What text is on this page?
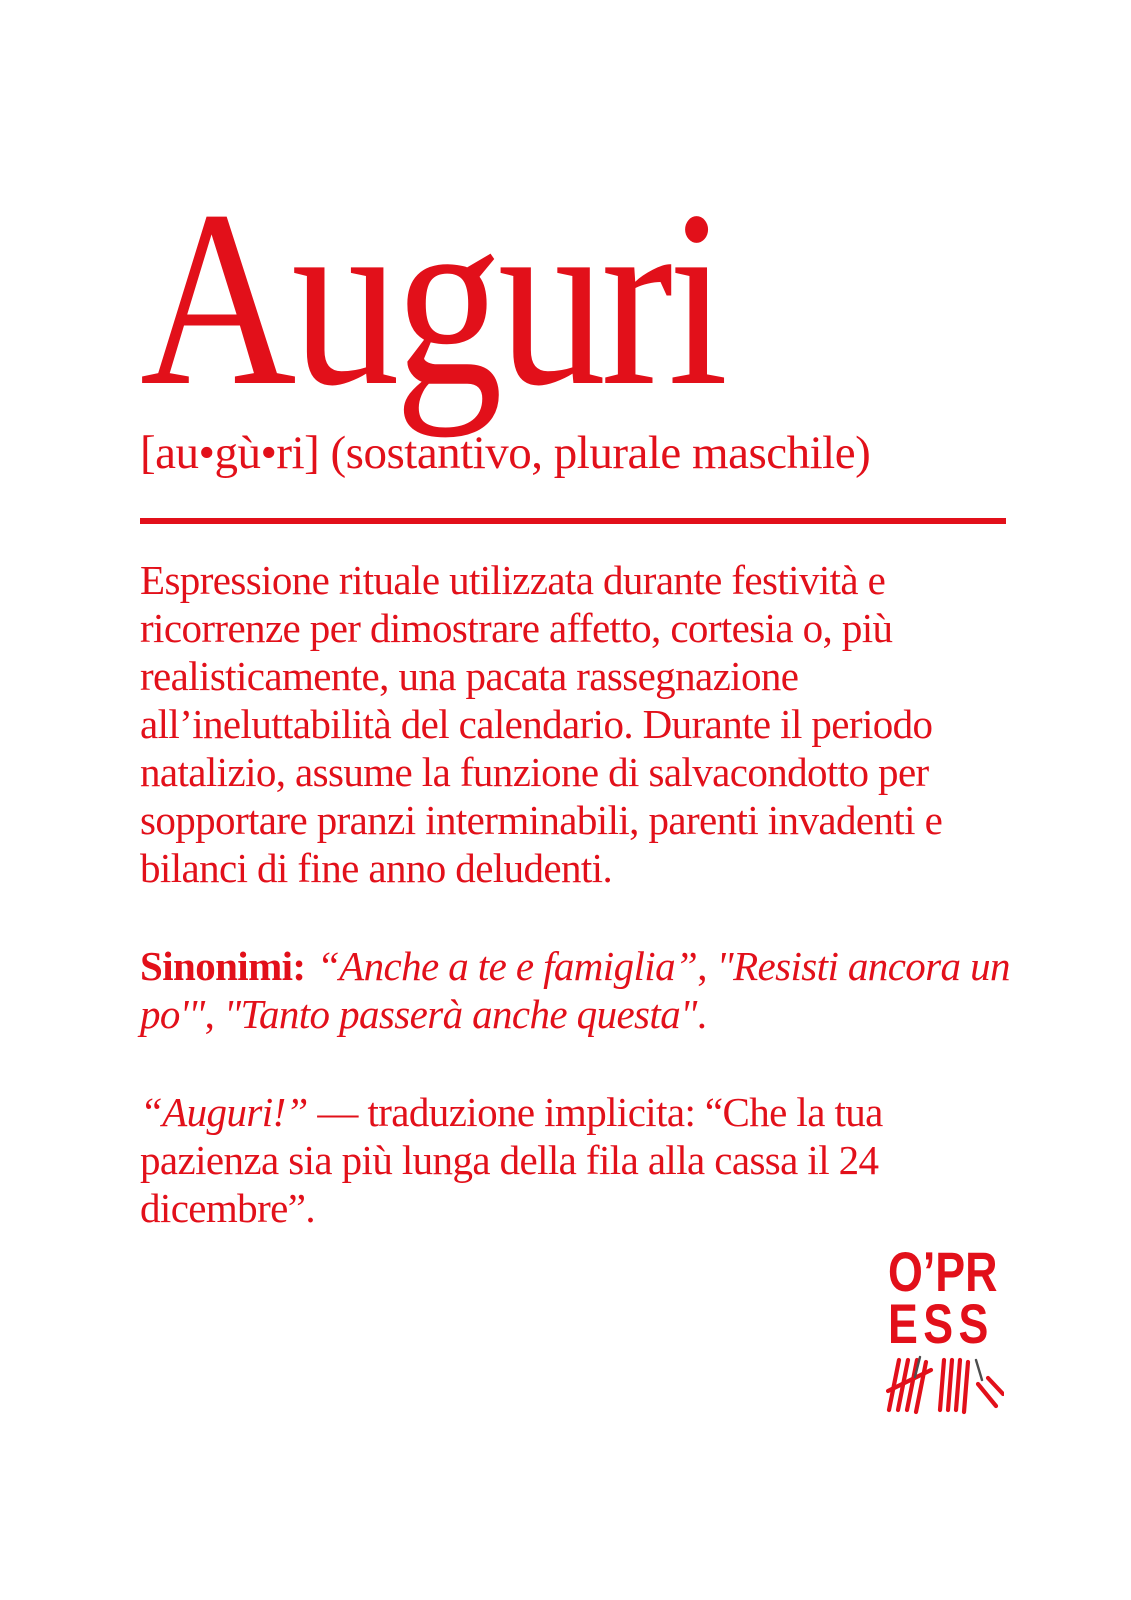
Auguri
[au•gù•ri] (sostantivo, plurale maschile)

Espressione rituale utilizzata durante festività e ricorrenze per dimostrare affetto, cortesia o, più realisticamente, una pacata rassegnazione all’ineluttabilità del calendario. Durante il periodo natalizio, assume la funzione di salvacondotto per sopportare pranzi interminabili, parenti invadenti e bilanci di fine anno deludenti.

Sinonimi: “Anche a te e famiglia”, "Resisti ancora un po'", "Tanto passerà anche questa".

“Auguri!” — traduzione implicita: “Che la tua pazienza sia più lunga della fila alla cassa il 24 dicembre”.

O’PR
ESS
